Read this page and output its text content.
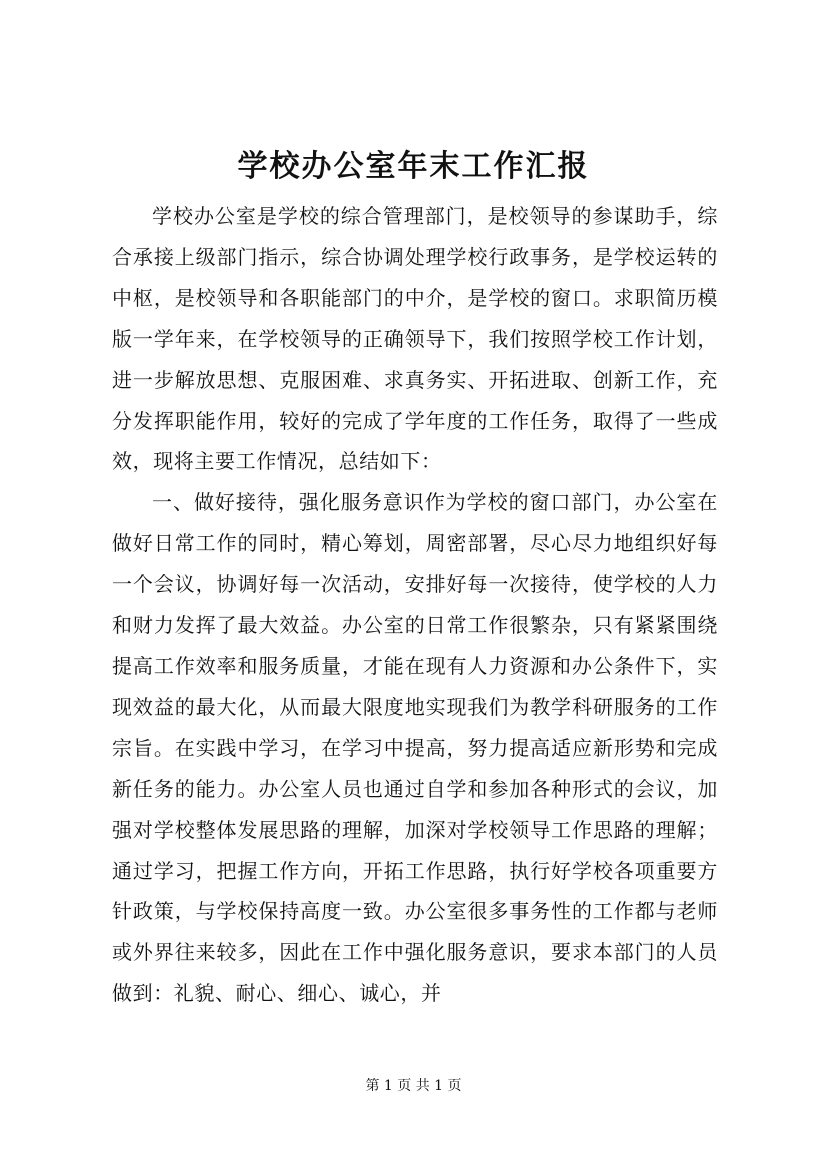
学校办公室年末工作汇报

学校办公室是学校的综合管理部门，是校领导的参谋助手，综合承接上级部门指示，综合协调处理学校行政事务，是学校运转的中枢，是校领导和各职能部门的中介，是学校的窗口。求职简历模版一学年来，在学校领导的正确领导下，我们按照学校工作计划，进一步解放思想、克服困难、求真务实、开拓进取、创新工作，充分发挥职能作用，较好的完成了学年度的工作任务，取得了一些成效，现将主要工作情况，总结如下：

一、做好接待，强化服务意识作为学校的窗口部门，办公室在做好日常工作的同时，精心筹划，周密部署，尽心尽力地组织好每一个会议，协调好每一次活动，安排好每一次接待，使学校的人力和财力发挥了最大效益。办公室的日常工作很繁杂，只有紧紧围绕提高工作效率和服务质量，才能在现有人力资源和办公条件下，实现效益的最大化，从而最大限度地实现我们为教学科研服务的工作宗旨。在实践中学习，在学习中提高，努力提高适应新形势和完成新任务的能力。办公室人员也通过自学和参加各种形式的会议，加强对学校整体发展思路的理解，加深对学校领导工作思路的理解；通过学习，把握工作方向，开拓工作思路，执行好学校各项重要方针政策，与学校保持高度一致。办公室很多事务性的工作都与老师或外界往来较多，因此在工作中强化服务意识，要求本部门的人员做到：礼貌、耐心、细心、诚心，并

第 1 页 共 1 页
